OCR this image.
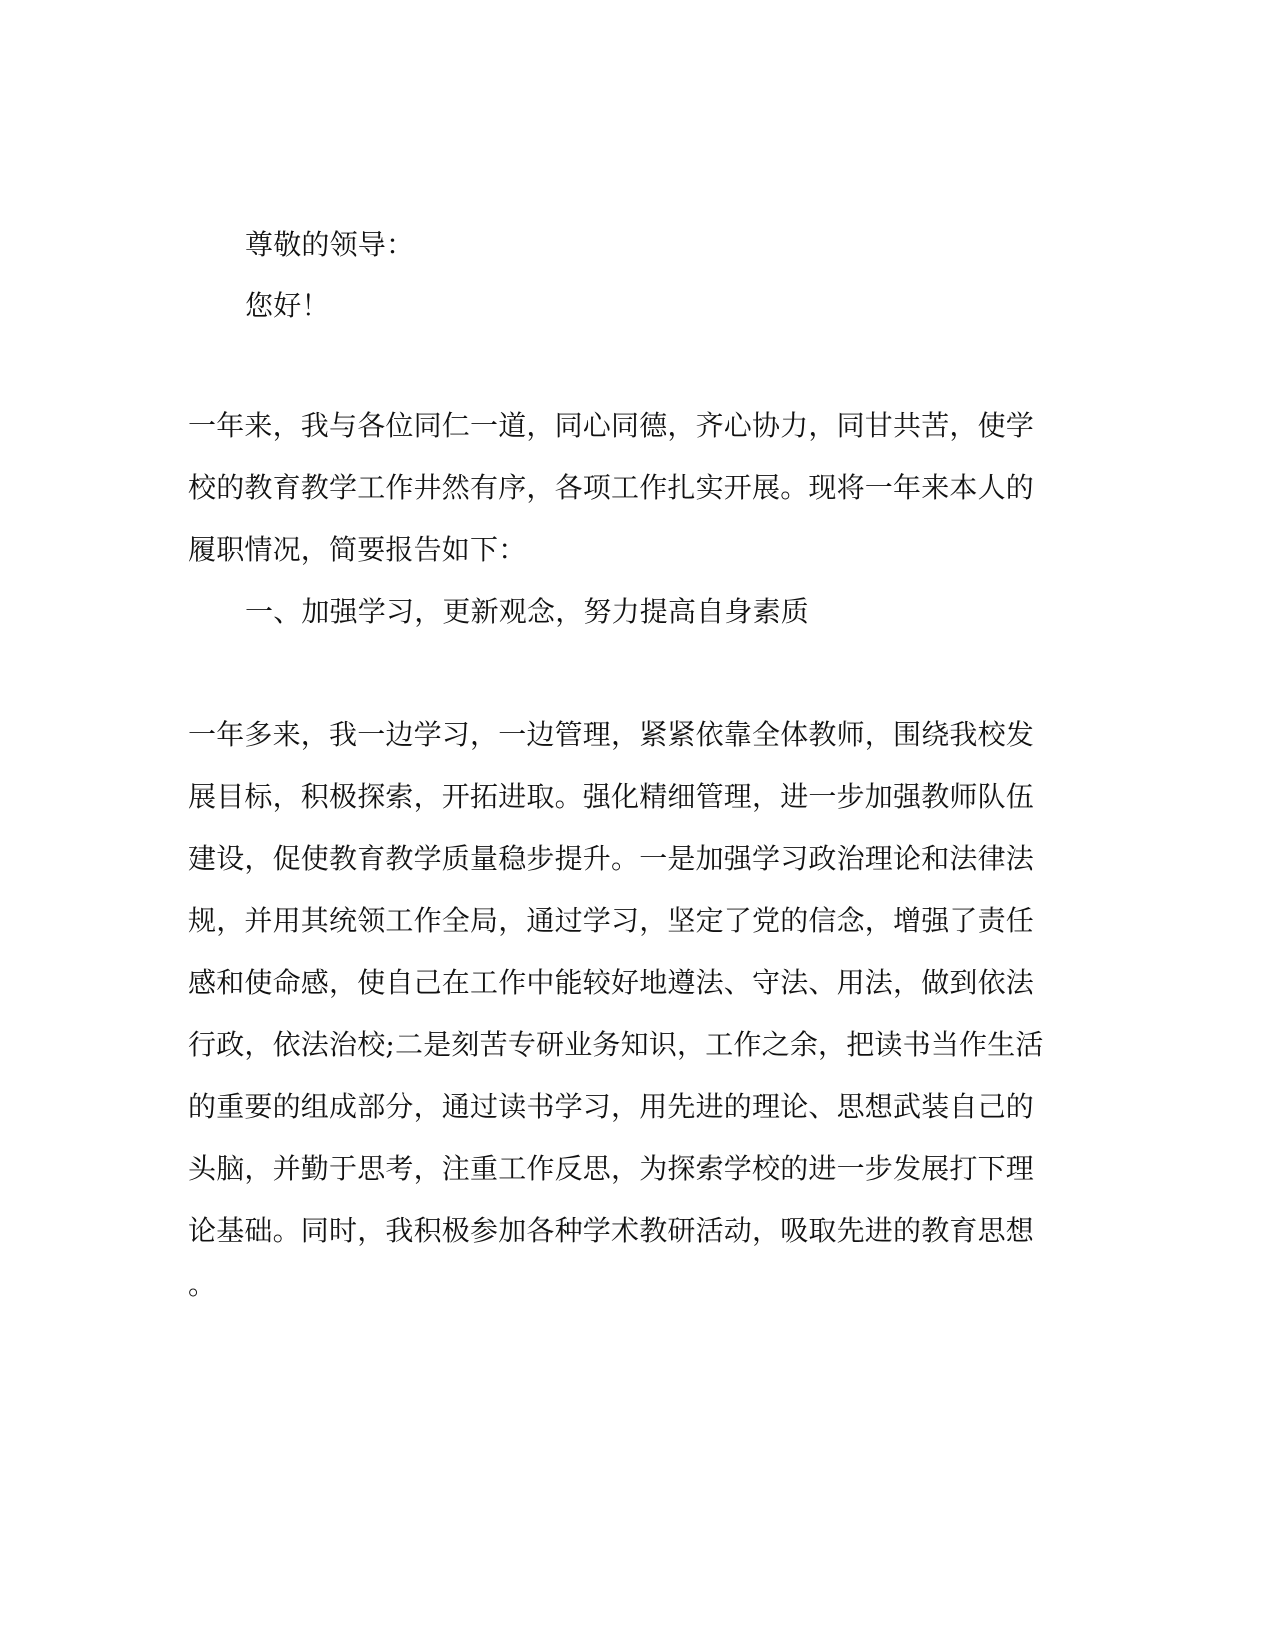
尊敬的领导：
您好！
一年来，我与各位同仁一道，同心同德，齐心协力，同甘共苦，使学
校的教育教学工作井然有序，各项工作扎实开展。现将一年来本人的
履职情况，简要报告如下：
一、加强学习，更新观念，努力提高自身素质
一年多来，我一边学习，一边管理，紧紧依靠全体教师，围绕我校发
展目标，积极探索，开拓进取。强化精细管理，进一步加强教师队伍
建设，促使教育教学质量稳步提升。一是加强学习政治理论和法律法
规，并用其统领工作全局，通过学习，坚定了党的信念，增强了责任
感和使命感，使自己在工作中能较好地遵法、守法、用法，做到依法
行政，依法治校;二是刻苦专研业务知识，工作之余，把读书当作生活
的重要的组成部分，通过读书学习，用先进的理论、思想武装自己的
头脑，并勤于思考，注重工作反思，为探索学校的进一步发展打下理
论基础。同时，我积极参加各种学术教研活动，吸取先进的教育思想
。
